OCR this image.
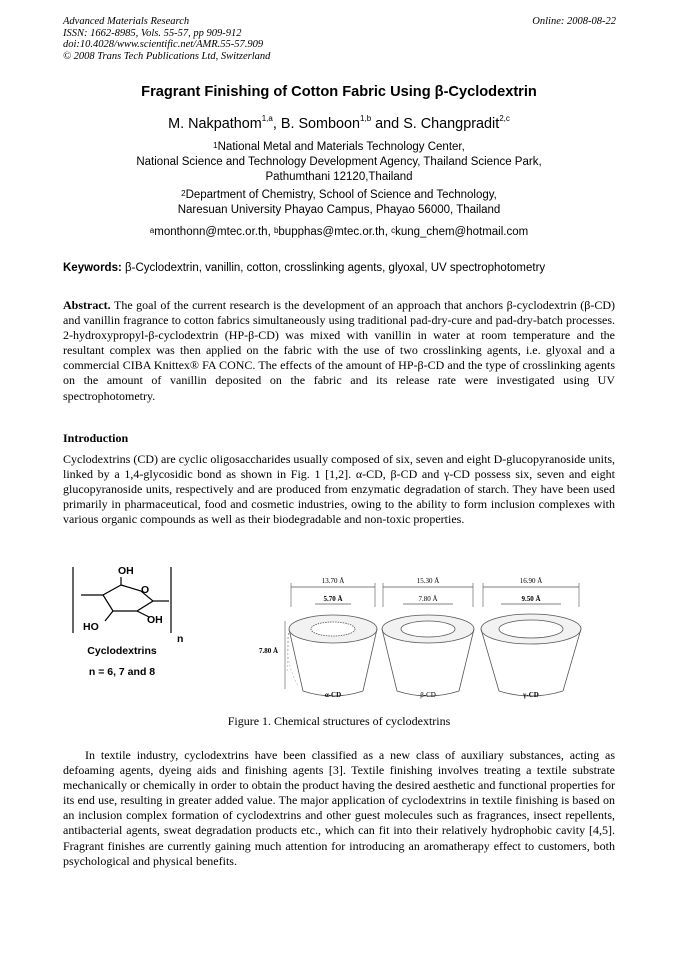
Advanced Materials Research
ISSN: 1662-8985, Vols. 55-57, pp 909-912
doi:10.4028/www.scientific.net/AMR.55-57.909
© 2008 Trans Tech Publications Ltd, Switzerland
Online: 2008-08-22
Fragrant Finishing of Cotton Fabric Using β-Cyclodextrin
M. Nakpathom$^{1,a}$, B. Somboon$^{1,b}$ and S. Changpradit$^{2,c}$
$^1$National Metal and Materials Technology Center,
National Science and Technology Development Agency, Thailand Science Park,
Pathumthani 12120,Thailand
$^2$Department of Chemistry, School of Science and Technology,
Naresuan University Phayao Campus, Phayao 56000, Thailand
$^a$monthonn@mtec.or.th, $^b$bupphas@mtec.or.th, $^c$kung_chem@hotmail.com
Keywords: β-Cyclodextrin, vanillin, cotton, crosslinking agents, glyoxal, UV spectrophotometry
Abstract. The goal of the current research is the development of an approach that anchors β-cyclodextrin (β-CD) and vanillin fragrance to cotton fabrics simultaneously using traditional pad-dry-cure and pad-dry-batch processes. 2-hydroxypropyl-β-cyclodextrin (HP-β-CD) was mixed with vanillin in water at room temperature and the resultant complex was then applied on the fabric with the use of two crosslinking agents, i.e. glyoxal and a commercial CIBA Knittex® FA CONC. The effects of the amount of HP-β-CD and the type of crosslinking agents on the amount of vanillin deposited on the fabric and its release rate were investigated using UV spectrophotometry.
Introduction
Cyclodextrins (CD) are cyclic oligosaccharides usually composed of six, seven and eight D-glucopyranoside units, linked by a 1,4-glycosidic bond as shown in Fig. 1 [1,2]. α-CD, β-CD and γ-CD possess six, seven and eight glucopyranoside units, respectively and are produced from enzymatic degradation of starch. They have been used primarily in pharmaceutical, food and cosmetic industries, owing to the ability to form inclusion complexes with various organic compounds as well as their biodegradable and non-toxic properties.
OH
O
OH
HO
n
Cyclodextrins
n = 6, 7 and 8
7.80 Å
13.70 Å
5.70 Å
α-CD
15.30 Å
7.80 Å
β-CD
16.90 Å
9.50 Å
γ-CD
Figure 1. Chemical structures of cyclodextrins
In textile industry, cyclodextrins have been classified as a new class of auxiliary substances, acting as defoaming agents, dyeing aids and finishing agents [3]. Textile finishing involves treating a textile substrate mechanically or chemically in order to obtain the product having the desired aesthetic and functional properties for its end use, resulting in greater added value. The major application of cyclodextrins in textile finishing is based on an inclusion complex formation of cyclodextrins and other guest molecules such as fragrances, insect repellents, antibacterial agents, sweat degradation products etc., which can fit into their relatively hydrophobic cavity [4,5]. Fragrant finishes are currently gaining much attention for introducing an aromatherapy effect to customers, both psychological and physical benefits.
